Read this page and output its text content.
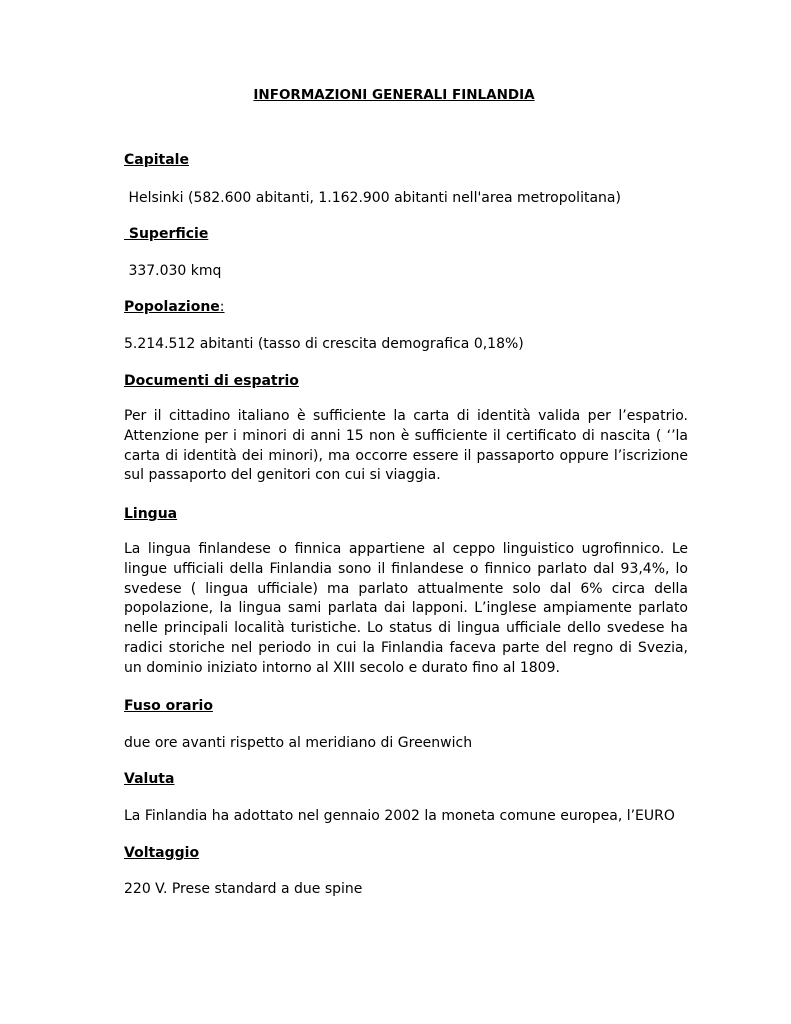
INFORMAZIONI GENERALI FINLANDIA
Capitale
Helsinki (582.600 abitanti, 1.162.900 abitanti nell'area metropolitana)
Superficie
337.030 kmq
Popolazione:
5.214.512 abitanti (tasso di crescita demografica 0,18%)
Documenti di espatrio
Per il cittadino italiano è sufficiente la carta di identità valida per l’espatrio. Attenzione per i minori di anni 15 non è sufficiente il certificato di nascita ( ‘’la carta di identità dei minori), ma occorre essere il passaporto oppure l’iscrizione sul passaporto del genitori con cui si viaggia.
Lingua
La lingua finlandese o finnica appartiene al ceppo linguistico ugrofinnico. Le lingue ufficiali della Finlandia sono il finlandese o finnico parlato dal 93,4%, lo svedese ( lingua ufficiale) ma parlato attualmente solo dal 6% circa della popolazione, la lingua sami parlata dai lapponi. L’inglese ampiamente parlato nelle principali località turistiche. Lo status di lingua ufficiale dello svedese ha radici storiche nel periodo in cui la Finlandia faceva parte del regno di Svezia, un dominio iniziato intorno al XIII secolo e durato fino al 1809.
Fuso orario
due ore avanti rispetto al meridiano di Greenwich
Valuta
La Finlandia ha adottato nel gennaio 2002 la moneta comune europea, l’EURO
Voltaggio
220 V. Prese standard a due spine
